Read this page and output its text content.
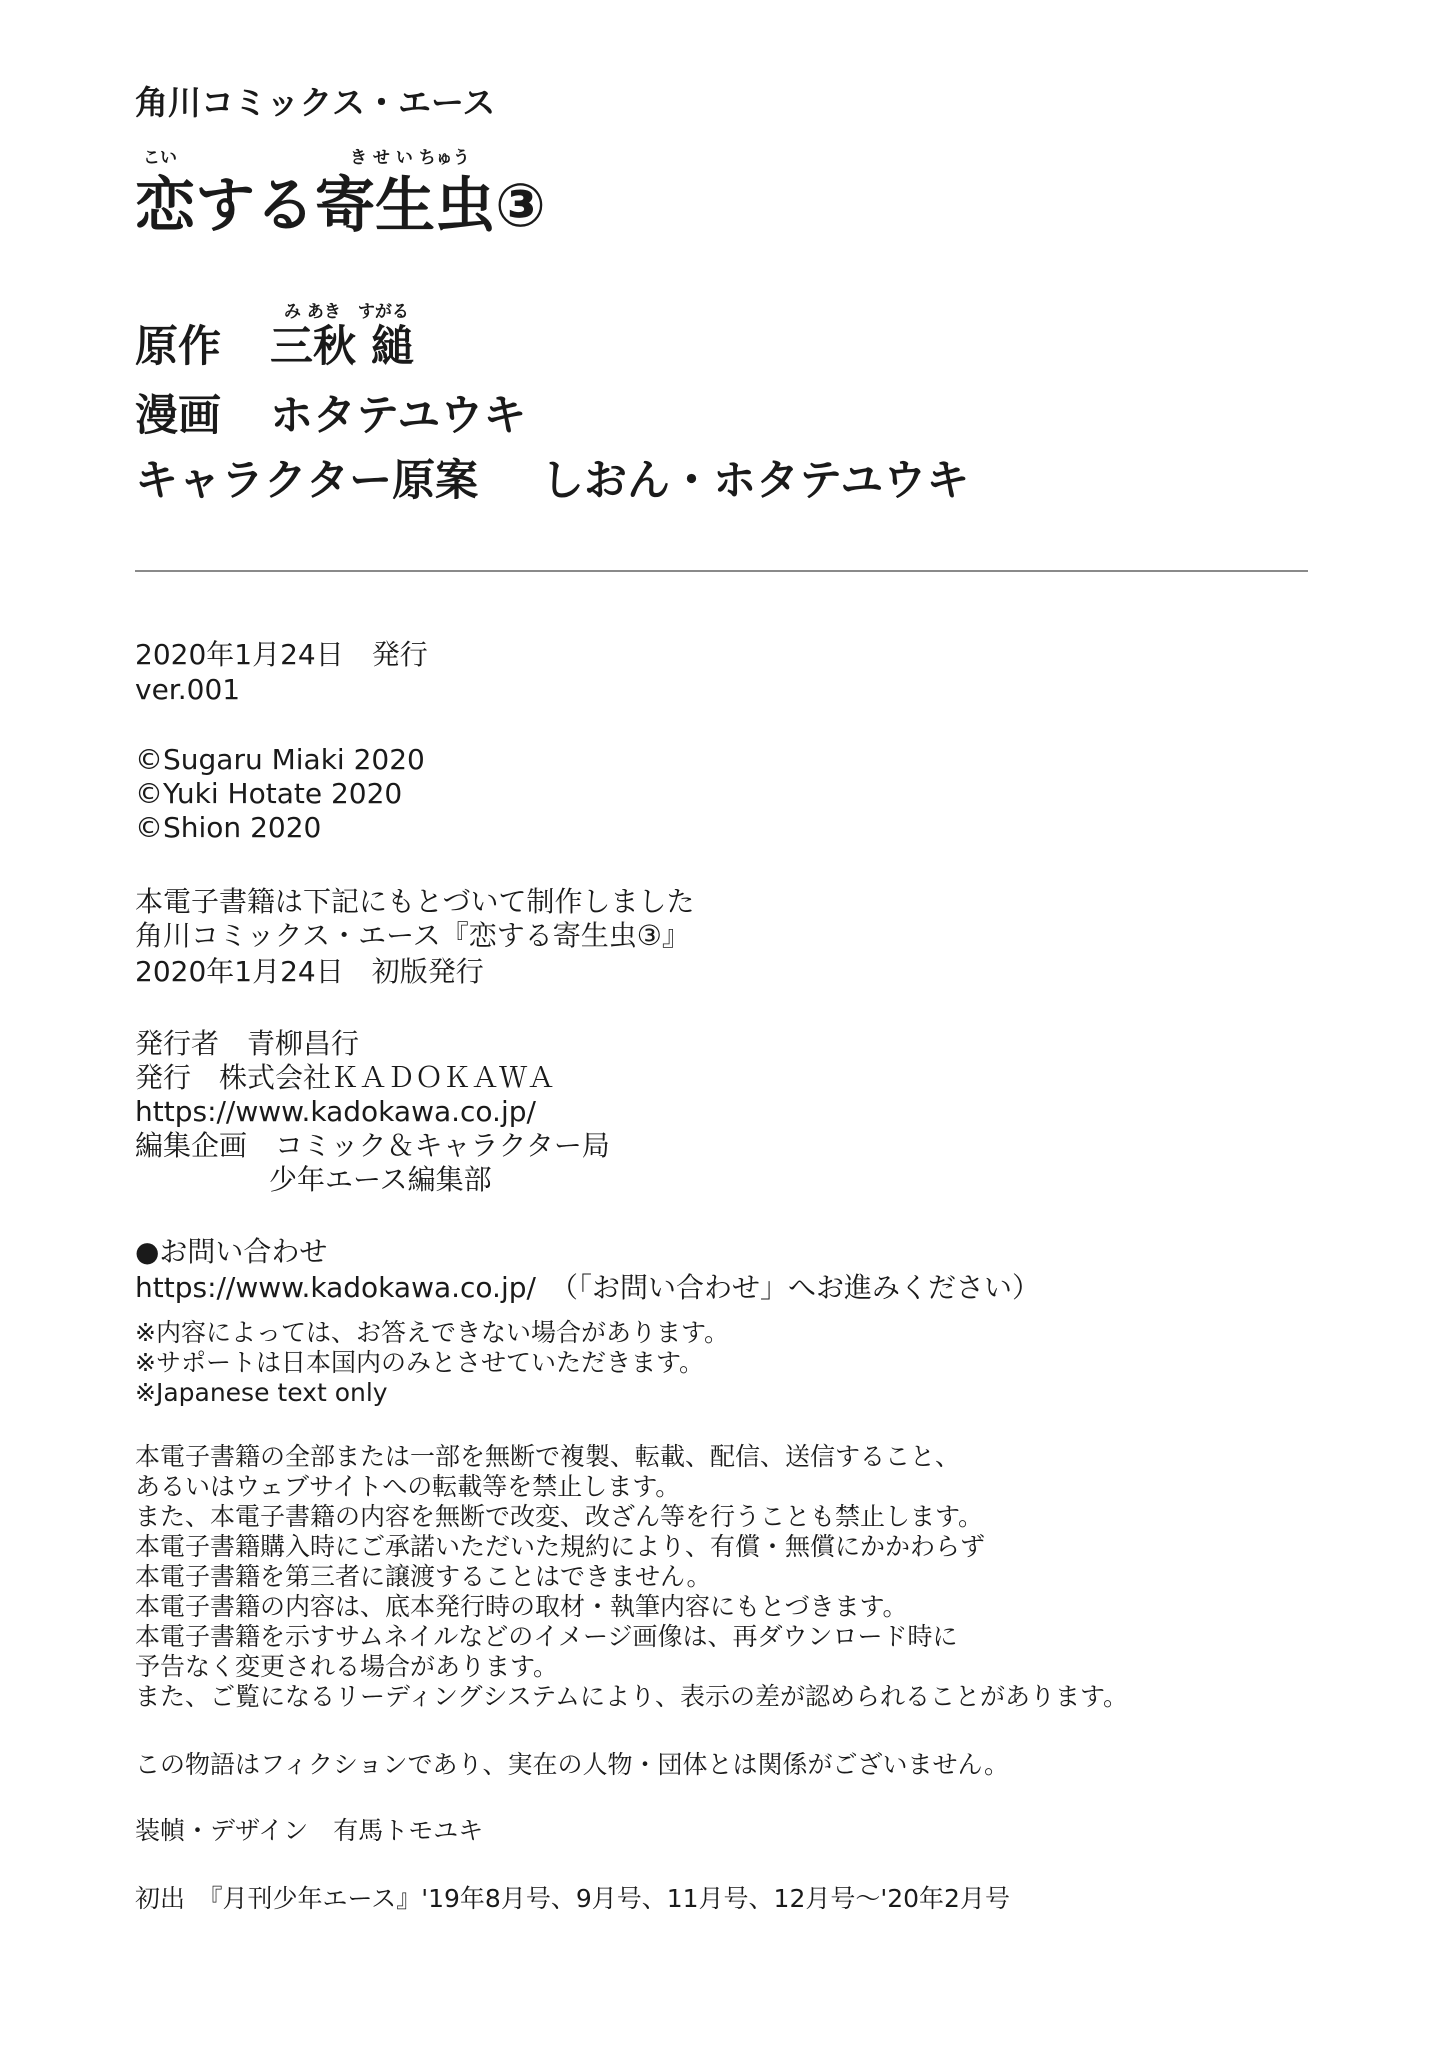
角川コミックス・エース
こい	き せ い ちゅう
恋する寄生虫③
み あき　すがる
原作 三秋 縋
漫画 ホタテユウキ
キャラクター原案 しおん・ホタテユウキ
2020年1月24日　発行
ver.001
©Sugaru Miaki 2020
©Yuki Hotate 2020
©Shion 2020
本電子書籍は下記にもとづいて制作しました
角川コミックス・エース『恋する寄生虫③』
2020年1月24日　初版発行
発行者　青柳昌行
発行　株式会社ＫＡＤＯＫＡＷＡ
https://www.kadokawa.co.jp/
編集企画　コミック＆キャラクター局
少年エース編集部
●お問い合わせ
https://www.kadokawa.co.jp/　（「お問い合わせ」へお進みください）
※内容によっては、お答えできない場合があります。
※サポートは日本国内のみとさせていただきます。
※Japanese text only
本電子書籍の全部または一部を無断で複製、転載、配信、送信すること、
あるいはウェブサイトへの転載等を禁止します。
また、本電子書籍の内容を無断で改変、改ざん等を行うことも禁止します。
本電子書籍購入時にご承諾いただいた規約により、有償・無償にかかわらず
本電子書籍を第三者に譲渡することはできません。
本電子書籍の内容は、底本発行時の取材・執筆内容にもとづきます。
本電子書籍を示すサムネイルなどのイメージ画像は、再ダウンロード時に
予告なく変更される場合があります。
また、ご覧になるリーディングシステムにより、表示の差が認められることがあります。
この物語はフィクションであり、実在の人物・団体とは関係がございません。
装幀・デザイン　有馬トモユキ
初出　『月刊少年エース』'19年8月号、9月号、11月号、12月号～'20年2月号
